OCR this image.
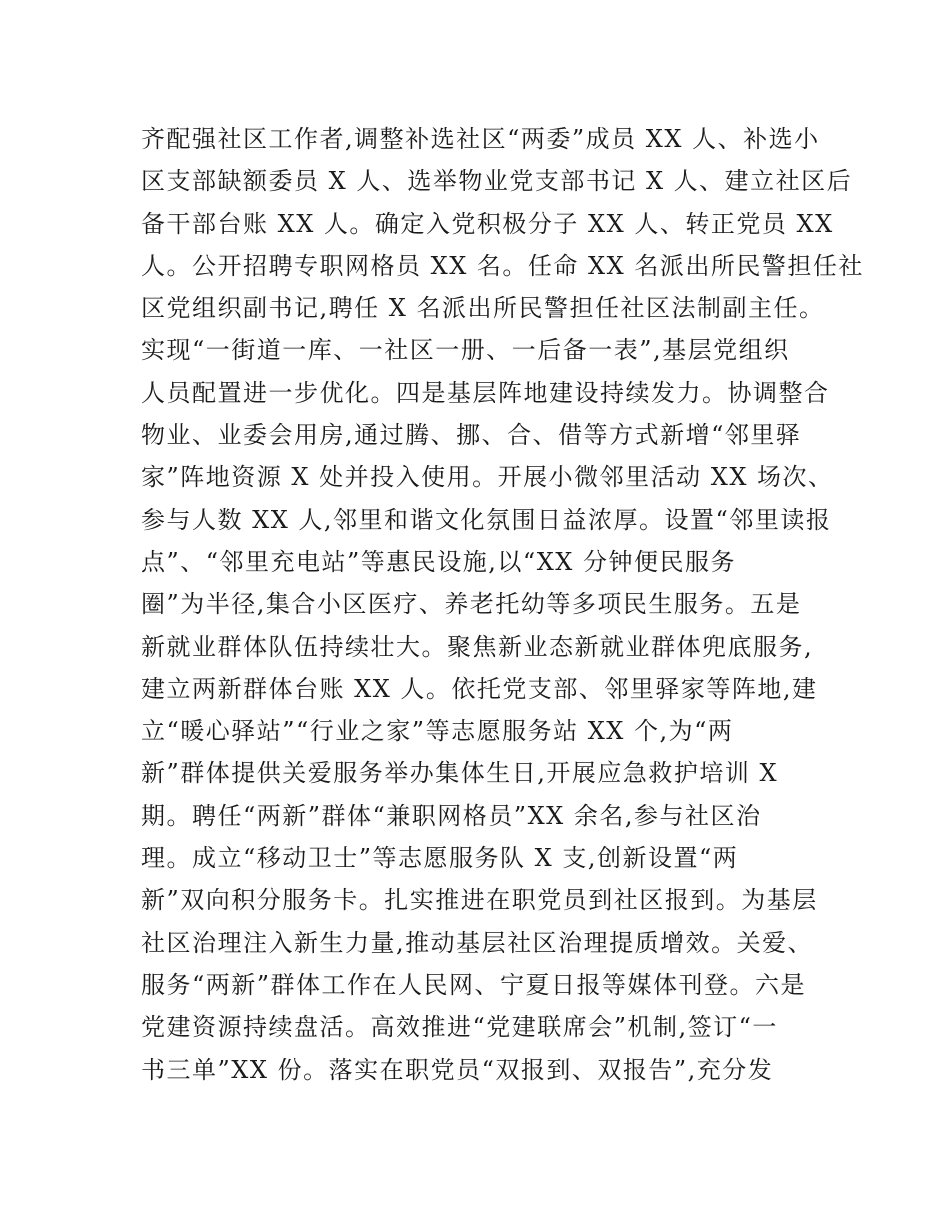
齐配强社区工作者,调整补选社区“两委”成员 XX 人、补选小
区支部缺额委员 X 人、选举物业党支部书记 X 人、建立社区后
备干部台账 XX 人。确定入党积极分子 XX 人、转正党员 XX
人。公开招聘专职网格员 XX 名。任命 XX 名派出所民警担任社
区党组织副书记,聘任 X 名派出所民警担任社区法制副主任。
实现“一街道一库、一社区一册、一后备一表”,基层党组织
人员配置进一步优化。四是基层阵地建设持续发力。协调整合
物业、业委会用房,通过腾、挪、合、借等方式新增“邻里驿
家”阵地资源 X 处并投入使用。开展小微邻里活动 XX 场次、
参与人数 XX 人,邻里和谐文化氛围日益浓厚。设置“邻里读报
点”、“邻里充电站”等惠民设施,以“XX 分钟便民服务
圈”为半径,集合小区医疗、养老托幼等多项民生服务。五是
新就业群体队伍持续壮大。聚焦新业态新就业群体兜底服务,
建立两新群体台账 XX 人。依托党支部、邻里驿家等阵地,建
立“暖心驿站”“行业之家”等志愿服务站 XX 个,为“两
新”群体提供关爱服务举办集体生日,开展应急救护培训 X
期。聘任“两新”群体“兼职网格员”XX 余名,参与社区治
理。成立“移动卫士”等志愿服务队 X 支,创新设置“两
新”双向积分服务卡。扎实推进在职党员到社区报到。为基层
社区治理注入新生力量,推动基层社区治理提质增效。关爱、
服务“两新”群体工作在人民网、宁夏日报等媒体刊登。六是
党建资源持续盘活。高效推进“党建联席会”机制,签订“一
书三单”XX 份。落实在职党员“双报到、双报告”,充分发
